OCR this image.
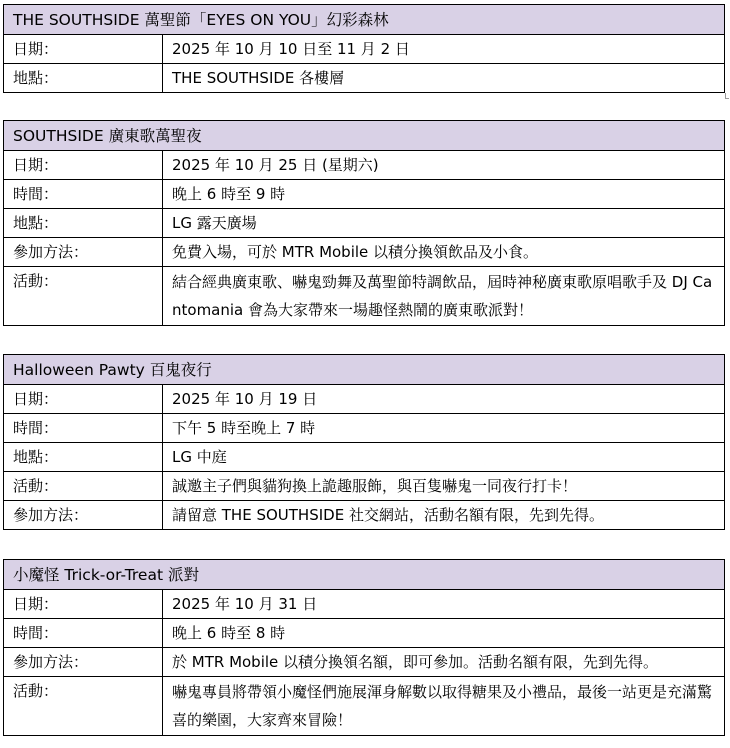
THE SOUTHSIDE 萬聖節「EYES ON YOU」幻彩森林	
日期：	2025 年 10 月 10 日至 11 月 2 日
地點：	THE SOUTHSIDE 各樓層
SOUTHSIDE 廣東歌萬聖夜	
日期：	2025 年 10 月 25 日 (星期六)
時間：	晚上 6 時至 9 時
地點：	LG 露天廣場
參加方法：	免費入場，可於 MTR Mobile 以積分換領飲品及小食。
活動：	結合經典廣東歌、嚇鬼勁舞及萬聖節特調飲品，屆時神秘廣東歌原唱歌手及 DJ Cantomania 會為大家帶來一場趣怪熱鬧的廣東歌派對！
Halloween Pawty 百鬼夜行	
日期：	2025 年 10 月 19 日
時間：	下午 5 時至晚上 7 時
地點：	LG 中庭
活動：	誠邀主子們與貓狗換上詭趣服飾，與百隻嚇鬼一同夜行打卡！
參加方法：	請留意 THE SOUTHSIDE 社交網站，活動名額有限，先到先得。
小魔怪 Trick-or-Treat 派對	
日期：	2025 年 10 月 31 日
時間：	晚上 6 時至 8 時
參加方法：	於 MTR Mobile 以積分換領名額，即可參加。活動名額有限，先到先得。
活動：	嚇鬼專員將帶領小魔怪們施展渾身解數以取得糖果及小禮品，最後一站更是充滿驚喜的樂園，大家齊來冒險！
